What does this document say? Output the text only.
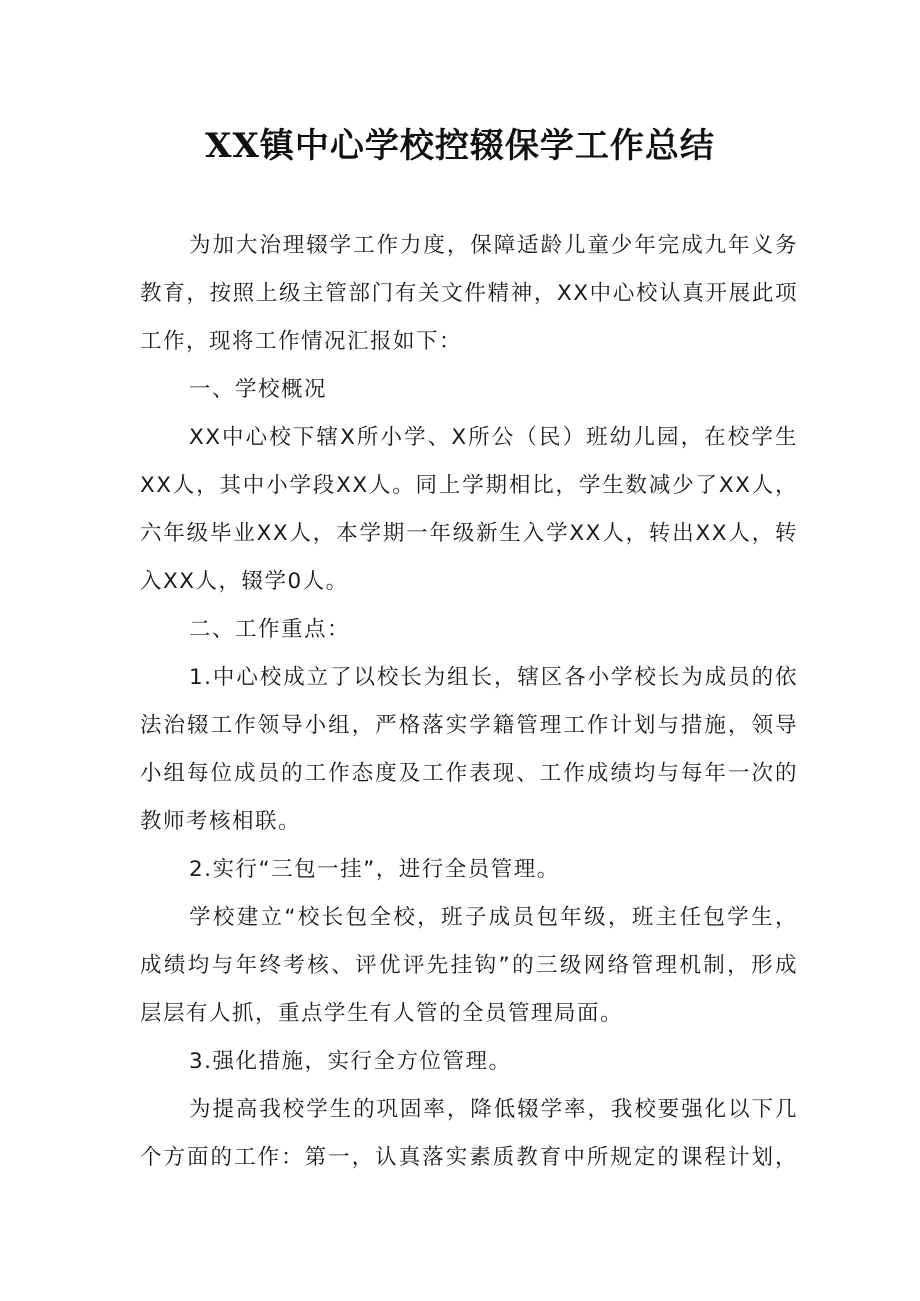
XX镇中心学校控辍保学工作总结
为加大治理辍学工作力度，保障适龄儿童少年完成九年义务
教育，按照上级主管部门有关文件精神，XX中心校认真开展此项
工作，现将工作情况汇报如下：
一、学校概况
XX中心校下辖X所小学、X所公（民）班幼儿园，在校学生
XX人，其中小学段XX人。同上学期相比，学生数减少了XX人，
六年级毕业XX人，本学期一年级新生入学XX人，转出XX人，转
入XX人，辍学0人。
二、工作重点：
1.中心校成立了以校长为组长，辖区各小学校长为成员的依
法治辍工作领导小组，严格落实学籍管理工作计划与措施，领导
小组每位成员的工作态度及工作表现、工作成绩均与每年一次的
教师考核相联。
2.实行“三包一挂”，进行全员管理。
学校建立“校长包全校，班子成员包年级，班主任包学生，
成绩均与年终考核、评优评先挂钩”的三级网络管理机制，形成
层层有人抓，重点学生有人管的全员管理局面。
3.强化措施，实行全方位管理。
为提高我校学生的巩固率，降低辍学率，我校要强化以下几
个方面的工作：第一，认真落实素质教育中所规定的课程计划，
